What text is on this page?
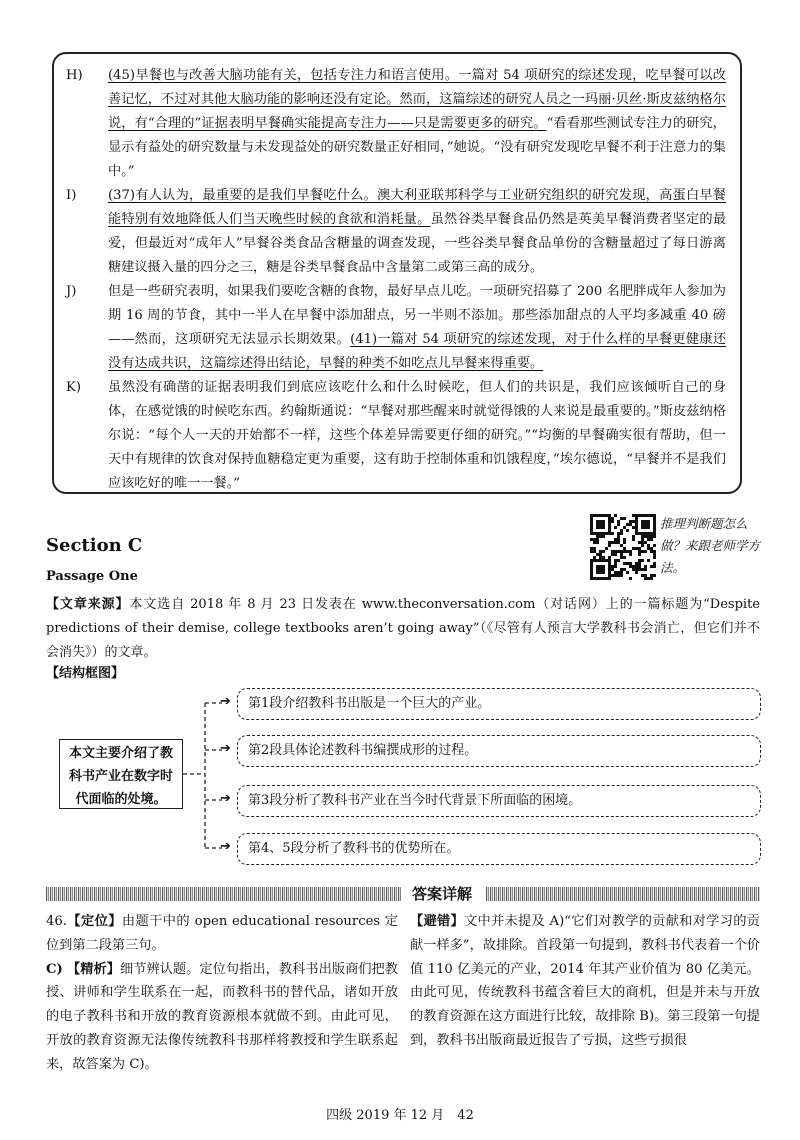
H)	(45)早餐也与改善大脑功能有关，包括专注力和语言使用。一篇对 54 项研究的综述发现，吃早餐可以改善记忆，不过对其他大脑功能的影响还没有定论。然而，这篇综述的研究人员之一玛丽·贝丝·斯皮兹纳格尔说，有“合理的”证据表明早餐确实能提高专注力——只是需要更多的研究。“看看那些测试专注力的研究，显示有益处的研究数量与未发现益处的研究数量正好相同，”她说。“没有研究发现吃早餐不利于注意力的集中。”
I)	(37)有人认为，最重要的是我们早餐吃什么。澳大利亚联邦科学与工业研究组织的研究发现，高蛋白早餐能特别有效地降低人们当天晚些时候的食欲和消耗量。虽然谷类早餐食品仍然是英美早餐消费者坚定的最爱，但最近对“成年人”早餐谷类食品含糖量的调查发现，一些谷类早餐食品单份的含糖量超过了每日游离糖建议摄入量的四分之三，糖是谷类早餐食品中含量第二或第三高的成分。
J)	但是一些研究表明，如果我们要吃含糖的食物，最好早点儿吃。一项研究招募了 200 名肥胖成年人参加为期 16 周的节食，其中一半人在早餐中添加甜点，另一半则不添加。那些添加甜点的人平均多减重 40 磅——然而，这项研究无法显示长期效果。(41)一篇对 54 项研究的综述发现，对于什么样的早餐更健康还没有达成共识，这篇综述得出结论，早餐的种类不如吃点儿早餐来得重要。
K)	虽然没有确凿的证据表明我们到底应该吃什么和什么时候吃，但人们的共识是，我们应该倾听自己的身体，在感觉饿的时候吃东西。约翰斯通说：“早餐对那些醒来时就觉得饿的人来说是最重要的。”斯皮兹纳格尔说：“每个人一天的开始都不一样，这些个体差异需要更仔细的研究。”“均衡的早餐确实很有帮助，但一天中有规律的饮食对保持血糖稳定更为重要，这有助于控制体重和饥饿程度，”埃尔德说，“早餐并不是我们应该吃好的唯一一餐。”
Section C
Passage One
推理判断题怎么做？来跟老师学方法。
【文章来源】本文选自 2018 年 8 月 23 日发表在 www.theconversation.com（对话网）上的一篇标题为“Despite predictions of their demise, college textbooks aren’t going away”（《尽管有人预言大学教科书会消亡，但它们并不会消失》）的文章。
【结构框图】
本文主要介绍了教科书产业在数字时代面临的处境。
➔
➔
➔
➔
第1段介绍教科书出版是一个巨大的产业。
第2段具体论述教科书编撰成形的过程。
第3段分析了教科书产业在当今时代背景下所面临的困境。
第4、5段分析了教科书的优势所在。
答案详解

46.【定位】由题干中的 open educational resources 定位到第二段第三句。

C) 【精析】细节辨认题。定位句指出，教科书出版商们把教授、讲师和学生联系在一起，而教科书的替代品，诸如开放的电子教科书和开放的教育资源根本就做不到。由此可见，开放的教育资源无法像传统教科书那样将教授和学生联系起来，故答案为 C)。

【避错】文中并未提及 A)“它们对教学的贡献和对学习的贡献一样多”，故排除。首段第一句提到，教科书代表着一个价值 110 亿美元的产业，2014 年其产业价值为 80 亿美元。由此可见，传统教科书蕴含着巨大的商机，但是并未与开放的教育资源在这方面进行比较，故排除 B)。第三段第一句提到，教科书出版商最近报告了亏损，这些亏损很

四级 2019 年 12 月　42
